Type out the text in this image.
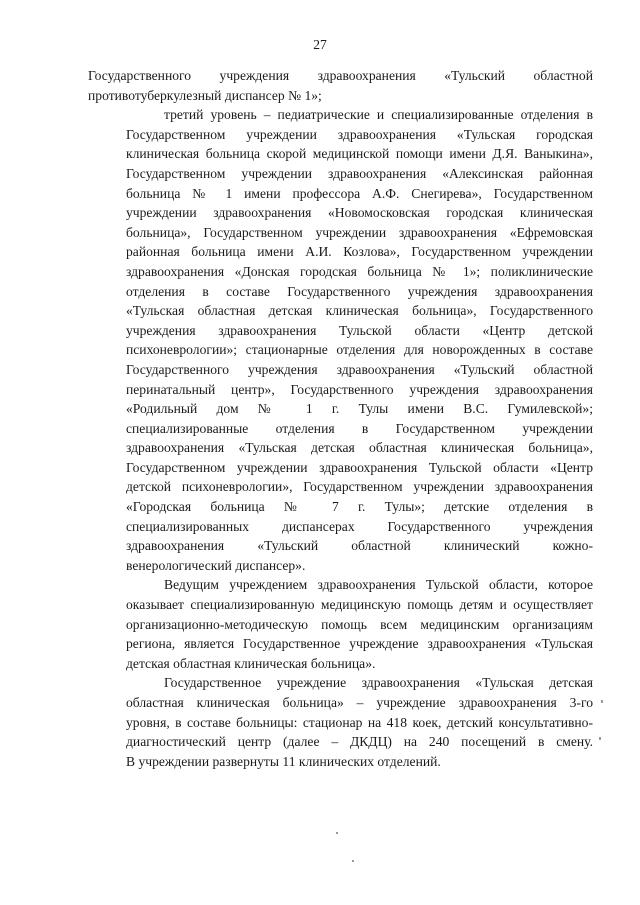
27
Государственного учреждения здравоохранения «Тульский областной
противотуберкулезный диспансер № 1»;
третий уровень – педиатрические и специализированные отделения в
Государственном учреждении здравоохранения «Тульская городская
клиническая больница скорой медицинской помощи имени Д.Я. Ваныкина»,
Государственном учреждении здравоохранения «Алексинская районная
больница № 1 имени профессора А.Ф. Снегирева», Государственном
учреждении здравоохранения «Новомосковская городская клиническая
больница», Государственном учреждении здравоохранения «Ефремовская
районная больница имени А.И. Козлова», Государственном учреждении
здравоохранения «Донская городская больница № 1»; поликлинические
отделения в составе Государственного учреждения здравоохранения
«Тульская областная детская клиническая больница», Государственного
учреждения здравоохранения Тульской области «Центр детской
психоневрологии»; стационарные отделения для новорожденных в составе
Государственного учреждения здравоохранения «Тульский областной
перинатальный центр», Государственного учреждения здравоохранения
«Родильный дом № 1 г. Тулы имени В.С. Гумилевской»;
специализированные отделения в Государственном учреждении
здравоохранения «Тульская детская областная клиническая больница»,
Государственном учреждении здравоохранения Тульской области «Центр
детской психоневрологии», Государственном учреждении здравоохранения
«Городская больница № 7 г. Тулы»; детские отделения в
специализированных диспансерах Государственного учреждения
здравоохранения «Тульский областной клинический кожно-
венерологический диспансер».
Ведущим учреждением здравоохранения Тульской области, которое
оказывает специализированную медицинскую помощь детям и осуществляет
организационно-методическую помощь всем медицинским организациям
региона, является Государственное учреждение здравоохранения «Тульская
детская областная клиническая больница».
Государственное учреждение здравоохранения «Тульская детская
областная клиническая больница» – учреждение здравоохранения 3-го
уровня, в составе больницы: стационар на 418 коек, детский консультативно-
диагностический центр (далее – ДКДЦ) на 240 посещений в смену.
В учреждении развернуты 11 клинических отделений.
